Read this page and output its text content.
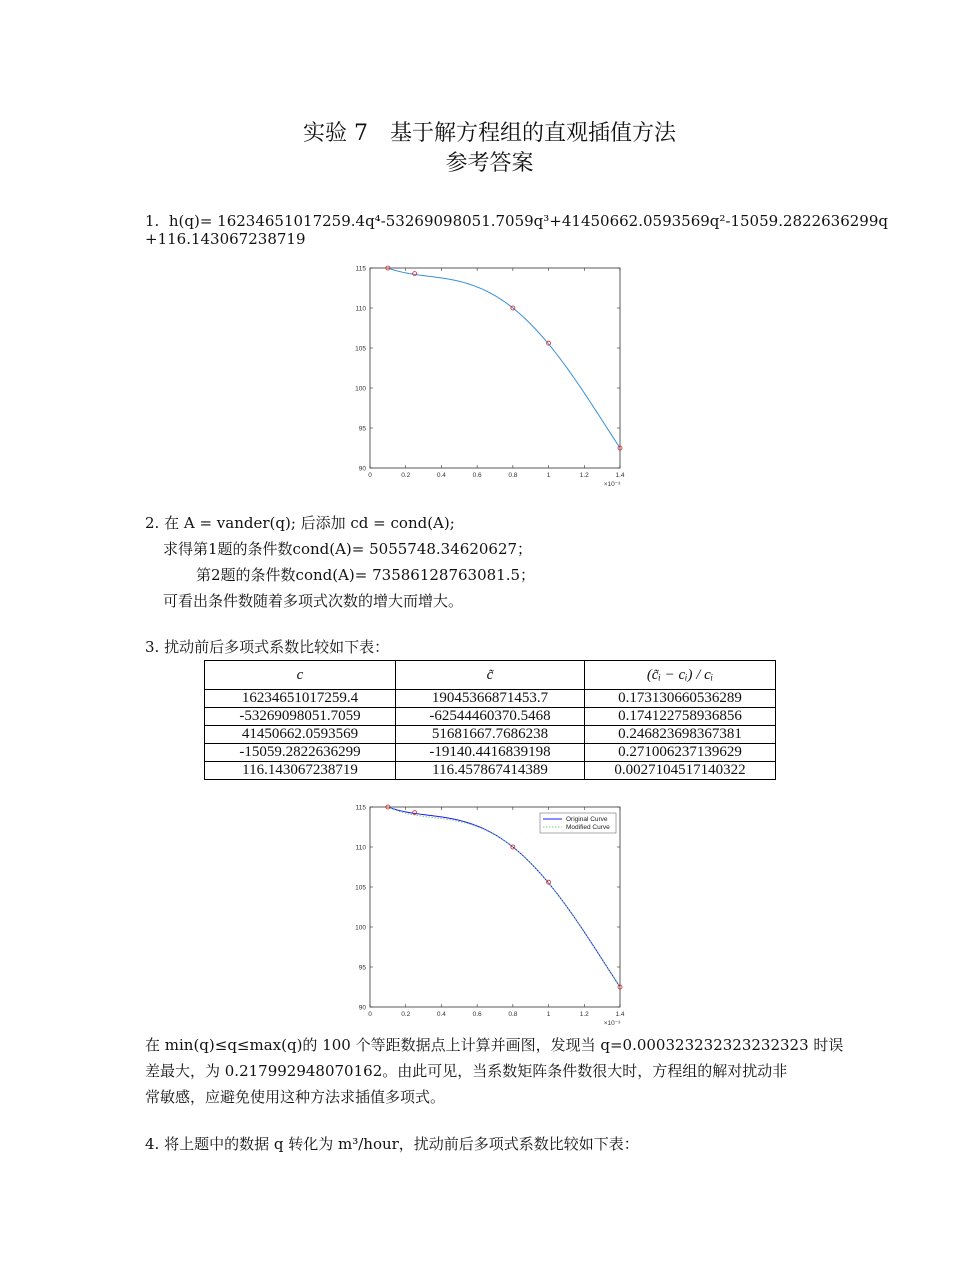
实验 7　基于解方程组的直观插值方法
参考答案
1. h(q)= 16234651017259.4q⁴-53269098051.7059q³+41450662.0593569q²-15059.2822636299q
+116.143067238719
0	0.2	0.4	0.6	0.8	1	1.2	1.4
×10⁻³
90
95
100
105
110
115
2. 在 A = vander(q); 后添加 cd = cond(A);
求得第1题的条件数cond(A)= 5055748.34620627；
第2题的条件数cond(A)= 73586128763081.5；
可看出条件数随着多项式次数的增大而增大。
3. 扰动前后多项式系数比较如下表：
c	c̃	(c̃ᵢ − cᵢ) / cᵢ
16234651017259.4	19045366871453.7	0.173130660536289
-53269098051.7059	-62544460370.5468	0.174122758936856
41450662.0593569	51681667.7686238	0.246823698367381
-15059.2822636299	-19140.4416839198	0.271006237139629
116.143067238719	116.457867414389	0.0027104517140322
0	0.2	0.4	0.6	0.8	1	1.2	1.4
×10⁻³
90
95
100
105
110
115
Original Curve
Modified Curve
在 min(q)≤q≤max(q)的 100 个等距数据点上计算并画图，发现当 q=0.000323232323232323 时误
差最大，为 0.217992948070162。由此可见，当系数矩阵条件数很大时，方程组的解对扰动非
常敏感，应避免使用这种方法求插值多项式。
4. 将上题中的数据 q 转化为 m³/hour，扰动前后多项式系数比较如下表：
